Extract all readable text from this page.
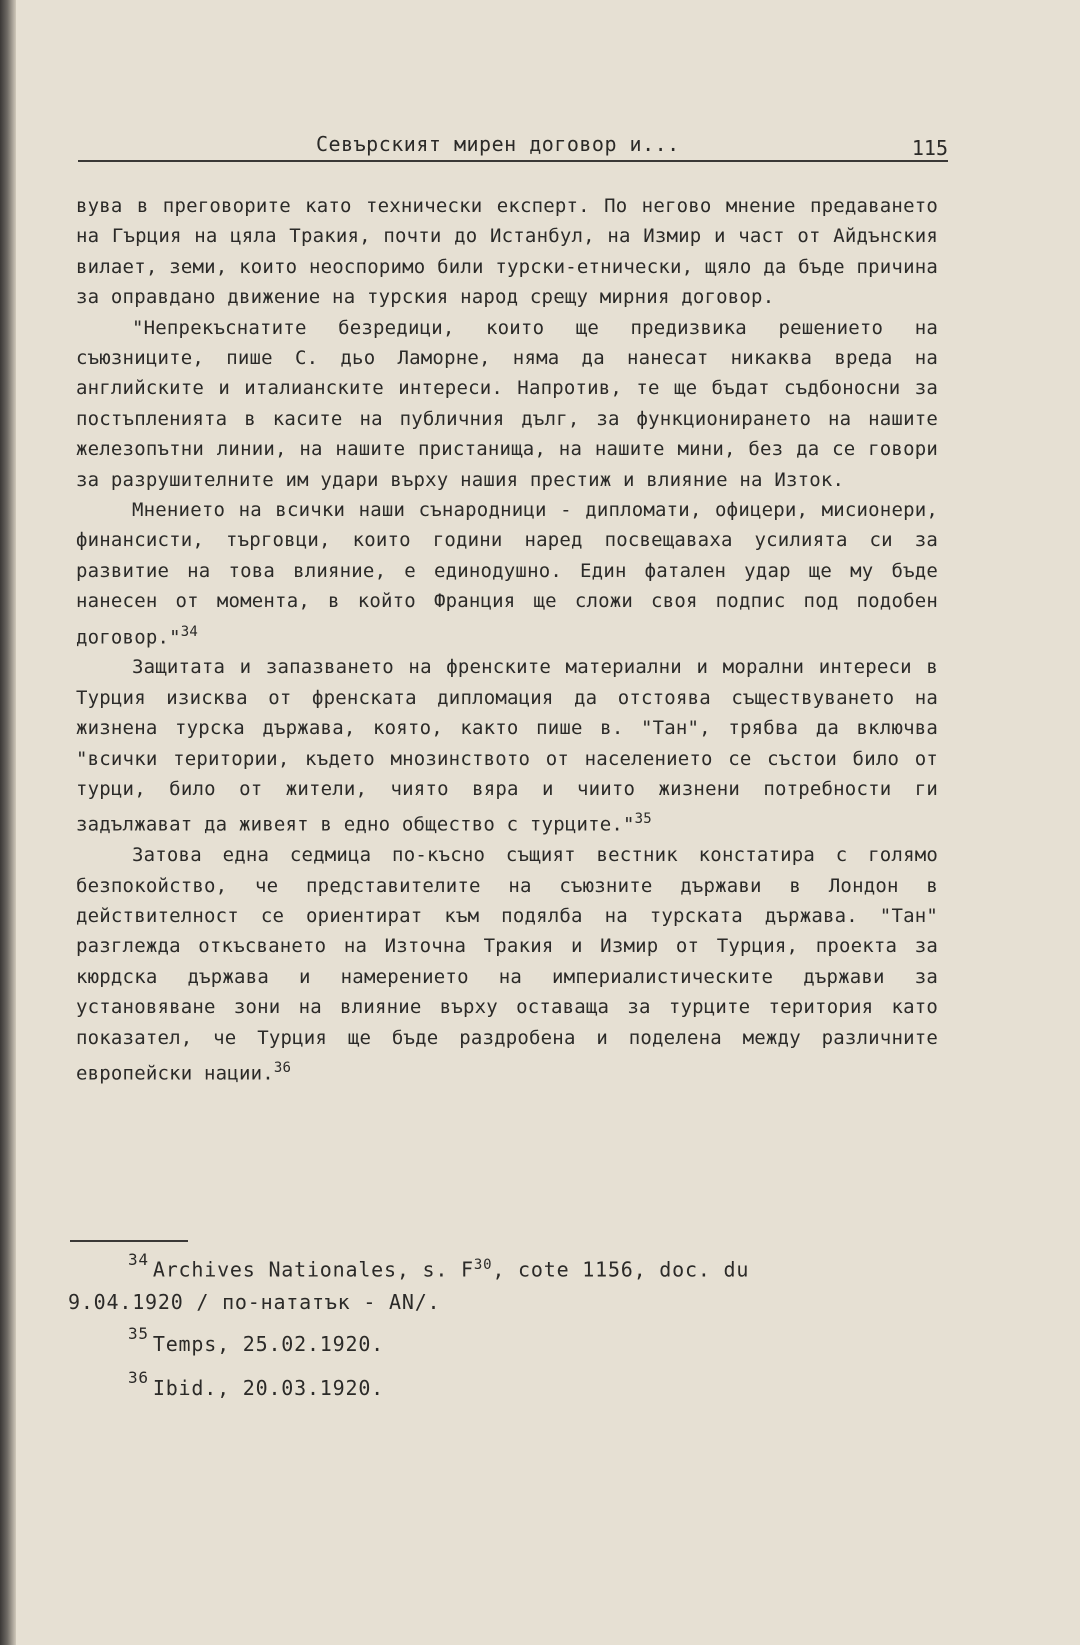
Севърският мирен договор и...	115

вува в преговорите като технически експерт. По негово мнение предаването на Гърция на цяла Тракия, почти до Истанбул, на Измир и част от Айдънския вилает, земи, които неоспоримо били турски-етнически, щяло да бъде причина за оправдано движение на турския народ срещу мирния договор.

"Непрекъснатите безредици, които ще предизвика решението на съюзниците, пише С. дьо Ламорне, няма да нанесат никаква вреда на английските и италианските интереси. Напротив, те ще бъдат съдбоносни за постъпленията в касите на публичния дълг, за функционирането на нашите железопътни линии, на нашите пристанища, на нашите мини, без да се говори за разрушителните им удари върху нашия престиж и влияние на Изток.

Мнението на всички наши сънародници - дипломати, офицери, мисионери, финансисти, търговци, които години наред посвещаваха усилията си за развитие на това влияние, е единодушно. Един фатален удар ще му бъде нанесен от момента, в който Франция ще сложи своя подпис под подобен договор."$^{34}$

Защитата и запазването на френските материални и морални интереси в Турция изисква от френската дипломация да отстоява съществуването на жизнена турска държава, която, както пише в. "Тан", трябва да включва "всички територии, където мнозинството от населението се състои било от турци, било от жители, чиято вяра и чиито жизнени потребности ги задължават да живеят в едно общество с турците."$^{35}$

Затова една седмица по-късно същият вестник констатира с голямо безпокойство, че представителите на съюзните държави в Лондон в действителност се ориентират към подялба на турската държава. "Тан" разглежда откъсването на Източна Тракия и Измир от Турция, проекта за кюрдска държава и намерението на империалистическите държави за установяване зони на влияние върху оставаща за турците територия като показател, че Турция ще бъде раздробена и поделена между различните европейски нации.$^{36}$

$^{34}$ Archives Nationales, s. $F^{30}$, cote 1156, doc. du
9.04.1920 / по-нататък - AN/.

$^{35}$ Temps, 25.02.1920.

$^{36}$ Ibid., 20.03.1920.
